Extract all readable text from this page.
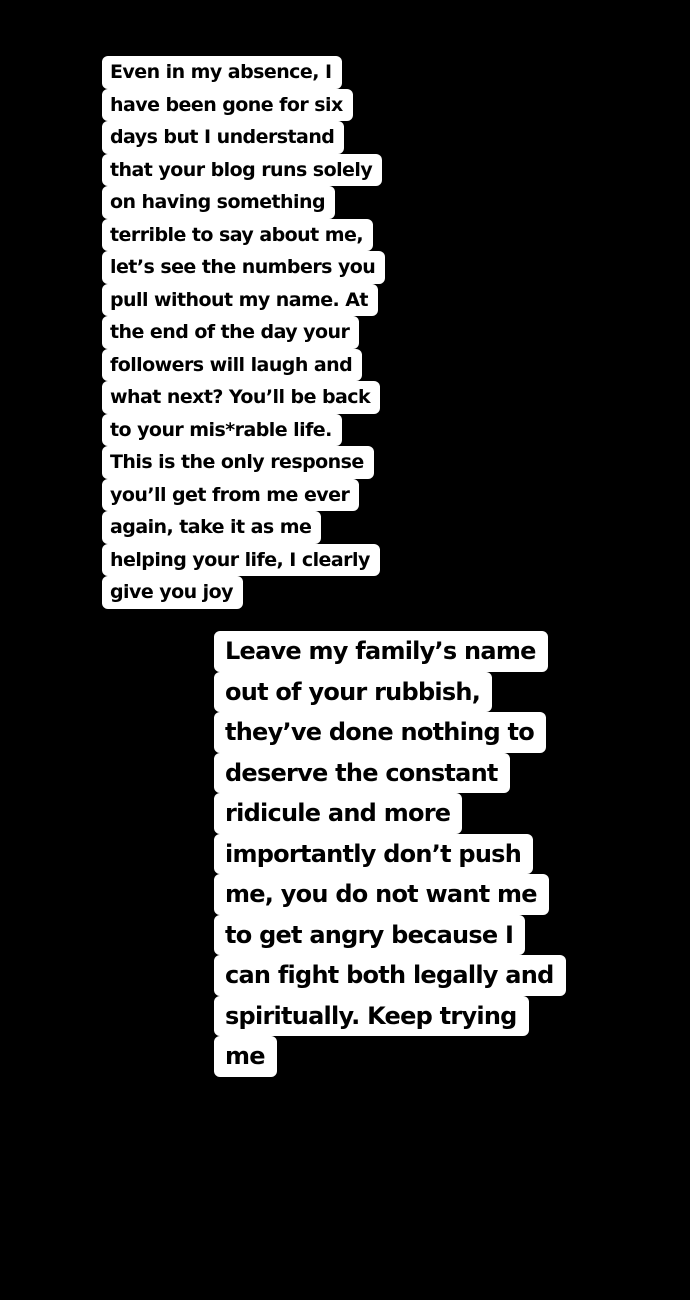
Even in my absence, I
have been gone for six
days but I understand
that your blog runs solely
on having something
terrible to say about me,
let’s see the numbers you
pull without my name. At
the end of the day your
followers will laugh and
what next? You’ll be back
to your mis*rable life.
This is the only response
you’ll get from me ever
again, take it as me
helping your life, I clearly
give you joy
Leave my family’s name
out of your rubbish,
they’ve done nothing to
deserve the constant
ridicule and more
importantly don’t push
me, you do not want me
to get angry because I
can fight both legally and
spiritually. Keep trying
me
